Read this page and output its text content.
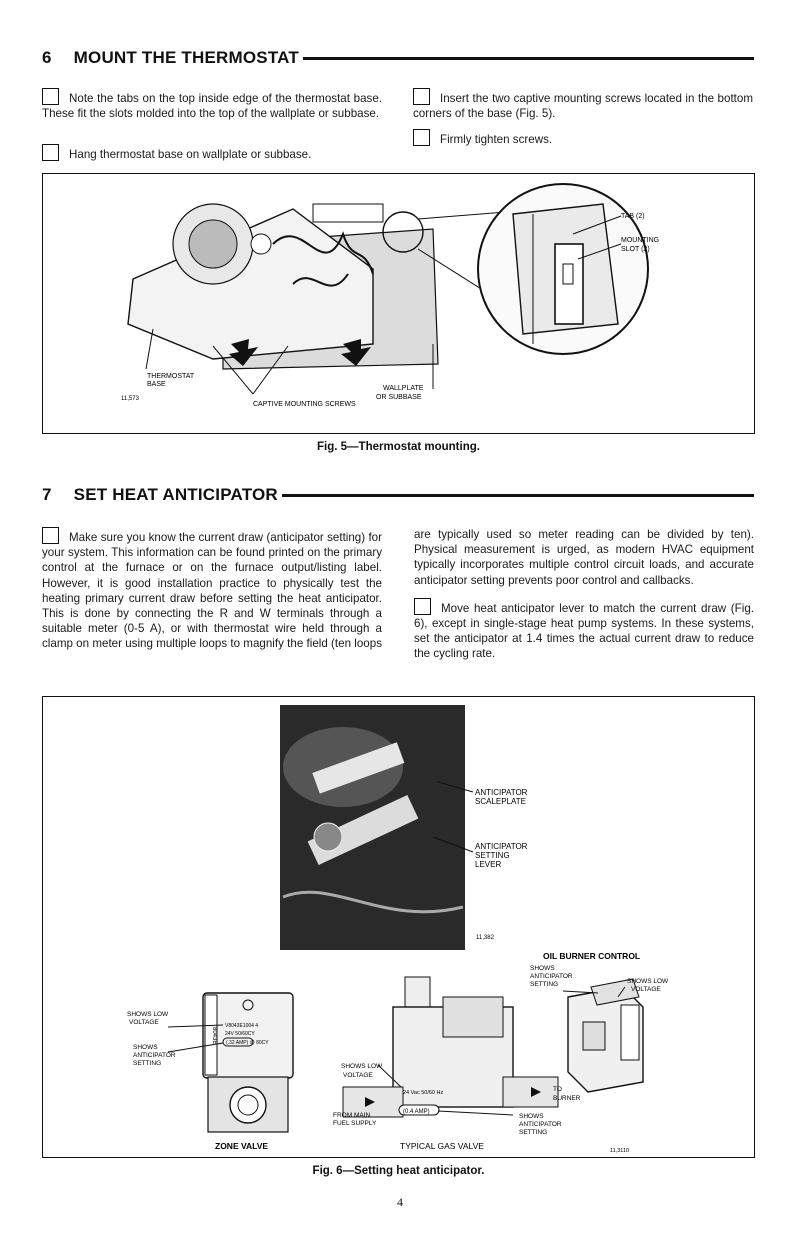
6 MOUNT THE THERMOSTAT
Note the tabs on the top inside edge of the thermostat base. These fit the slots molded into the top of the wallplate or subbase.
Hang thermostat base on wallplate or subbase.
Insert the two captive mounting screws located in the bottom corners of the base (Fig. 5).
Firmly tighten screws.
TAB (2)
MOUNTING
SLOT (2)
THERMOSTAT
BASE
11,573
CAPTIVE MOUNTING SCREWS
WALLPLATE
OR SUBBASE
Fig. 5—Thermostat mounting.
7 SET HEAT ANTICIPATOR
Make sure you know the current draw (anticipator setting) for your system. This information can be found printed on the primary control at the furnace or on the furnace output/listing label. However, it is good installation practice to physically test the heating primary current draw before setting the heat anticipator. This is done by connecting the R and W terminals through a suitable meter (0-5 A), or with thermostat wire held through a clamp on meter using multiple loops to magnify the field (ten loops are typically used so meter reading can be divided by ten). Physical measurement is urged, as modern HVAC equipment typically incorporates multiple control circuit loads, and accurate anticipator setting prevents poor control and callbacks.
Move heat anticipator lever to match the current draw (Fig. 6), except in single-stage heat pump systems. In these systems, set the anticipator at 1.4 times the actual current draw to reduce the cycling rate.
ANTICIPATOR
SCALEPLATE
ANTICIPATOR
SETTING
LEVER
11,382
8043E
V8043E1004 4
24V 50/60CY
(.32 AMP) @ 80CY
SHOWS LOW
VOLTAGE
SHOWS
ANTICIPATOR
SETTING
ZONE VALVE
24 Vac 50/60 Hz
(0.4 AMP)
SHOWS LOW
VOLTAGE
FROM MAIN
FUEL SUPPLY
TO
BURNER
SHOWS
ANTICIPATOR
SETTING
TYPICAL GAS VALVE
OIL BURNER CONTROL
SHOWS
ANTICIPATOR
SETTING	SHOWS LOW
VOLTAGE
11,3110
Fig. 6—Setting heat anticipator.
4
